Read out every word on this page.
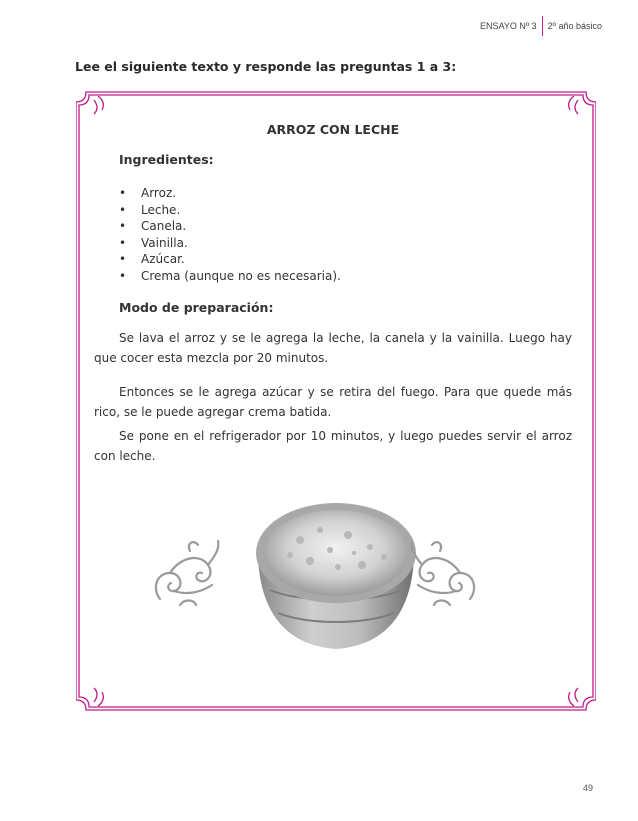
ENSAYO Nº 3 2º año básico
Lee el siguiente texto y responde las preguntas 1 a 3:
ARROZ CON LECHE
Ingredientes:
•	Arroz.
•	Leche.
•	Canela.
•	Vainilla.
•	Azúcar.
•	Crema (aunque no es necesaria).
Modo de preparación:

Se lava el arroz y se le agrega la leche, la canela y la vainilla. Luego hay que cocer esta mezcla por 20 minutos.

Entonces se le agrega azúcar y se retira del fuego. Para que quede más rico, se le puede agregar crema batida.

Se pone en el refrigerador por 10 minutos, y luego puedes servir el arroz con leche.

49
